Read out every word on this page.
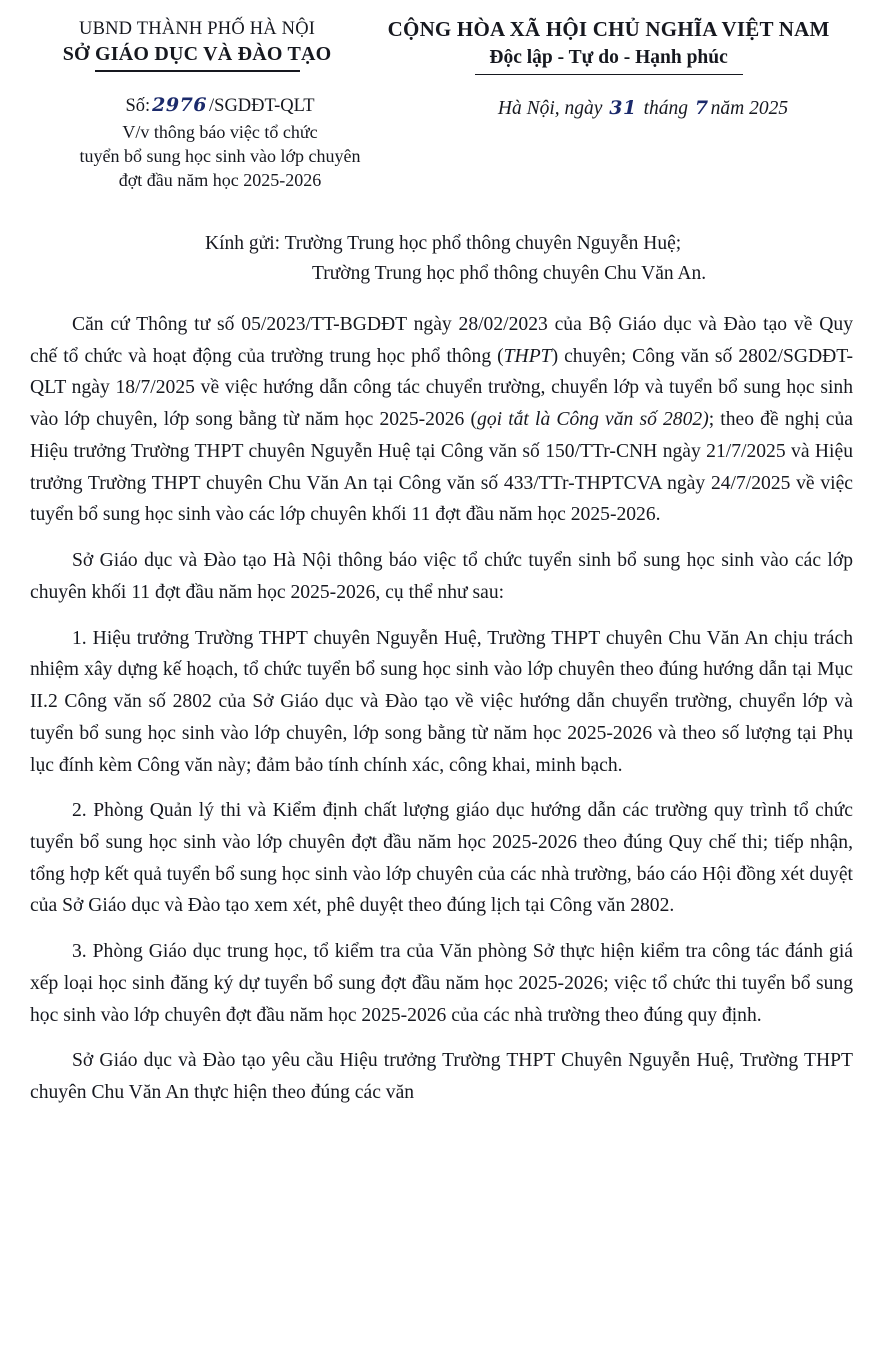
UBND THÀNH PHỐ HÀ NỘI
SỞ GIÁO DỤC VÀ ĐÀO TẠO
CỘNG HÒA XÃ HỘI CHỦ NGHĨA VIỆT NAM
Độc lập - Tự do - Hạnh phúc
Số: 2976 /SGDĐT-QLT
V/v thông báo việc tổ chức
tuyển bổ sung học sinh vào lớp chuyên
đợt đầu năm học 2025-2026
Hà Nội, ngày 31 tháng 7 năm 2025
Kính gửi: Trường Trung học phổ thông chuyên Nguyễn Huệ;
Trường Trung học phổ thông chuyên Chu Văn An.

Căn cứ Thông tư số 05/2023/TT-BGDĐT ngày 28/02/2023 của Bộ Giáo dục và Đào tạo về Quy chế tổ chức và hoạt động của trường trung học phổ thông (THPT) chuyên; Công văn số 2802/SGDĐT-QLT ngày 18/7/2025 về việc hướng dẫn công tác chuyển trường, chuyển lớp và tuyển bổ sung học sinh vào lớp chuyên, lớp song bằng từ năm học 2025-2026 (gọi tắt là Công văn số 2802); theo đề nghị của Hiệu trưởng Trường THPT chuyên Nguyễn Huệ tại Công văn số 150/TTr-CNH ngày 21/7/2025 và Hiệu trưởng Trường THPT chuyên Chu Văn An tại Công văn số 433/TTr-THPTCVA ngày 24/7/2025 về việc tuyển bổ sung học sinh vào các lớp chuyên khối 11 đợt đầu năm học 2025-2026.

Sở Giáo dục và Đào tạo Hà Nội thông báo việc tổ chức tuyển sinh bổ sung học sinh vào các lớp chuyên khối 11 đợt đầu năm học 2025-2026, cụ thể như sau:

1. Hiệu trưởng Trường THPT chuyên Nguyễn Huệ, Trường THPT chuyên Chu Văn An chịu trách nhiệm xây dựng kế hoạch, tổ chức tuyển bổ sung học sinh vào lớp chuyên theo đúng hướng dẫn tại Mục II.2 Công văn số 2802 của Sở Giáo dục và Đào tạo về việc hướng dẫn chuyển trường, chuyển lớp và tuyển bổ sung học sinh vào lớp chuyên, lớp song bằng từ năm học 2025-2026 và theo số lượng tại Phụ lục đính kèm Công văn này; đảm bảo tính chính xác, công khai, minh bạch.

2. Phòng Quản lý thi và Kiểm định chất lượng giáo dục hướng dẫn các trường quy trình tổ chức tuyển bổ sung học sinh vào lớp chuyên đợt đầu năm học 2025-2026 theo đúng Quy chế thi; tiếp nhận, tổng hợp kết quả tuyển bổ sung học sinh vào lớp chuyên của các nhà trường, báo cáo Hội đồng xét duyệt của Sở Giáo dục và Đào tạo xem xét, phê duyệt theo đúng lịch tại Công văn 2802.

3. Phòng Giáo dục trung học, tổ kiểm tra của Văn phòng Sở thực hiện kiểm tra công tác đánh giá xếp loại học sinh đăng ký dự tuyển bổ sung đợt đầu năm học 2025-2026; việc tổ chức thi tuyển bổ sung học sinh vào lớp chuyên đợt đầu năm học 2025-2026 của các nhà trường theo đúng quy định.

Sở Giáo dục và Đào tạo yêu cầu Hiệu trưởng Trường THPT Chuyên Nguyễn Huệ, Trường THPT chuyên Chu Văn An thực hiện theo đúng các văn
